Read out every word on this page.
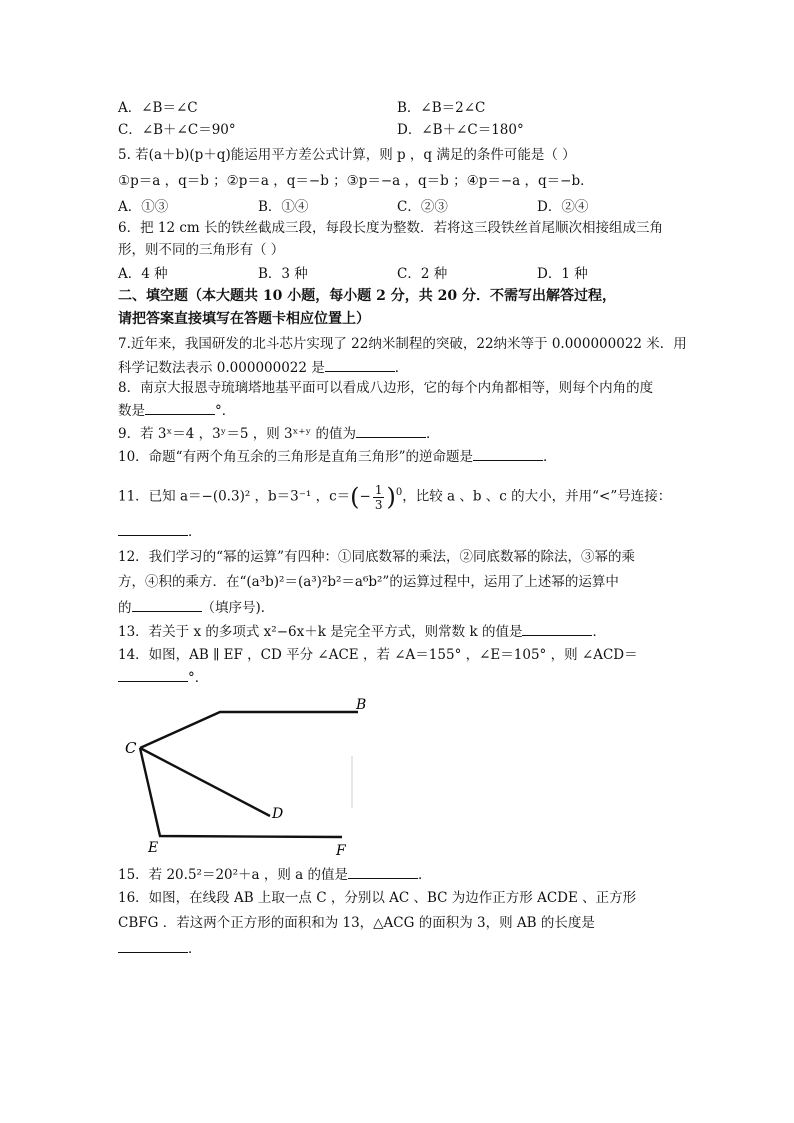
A．∠B＝∠C	B．∠B＝2∠C
C．∠B＋∠C＝90°	D．∠B＋∠C＝180°
5. 若(a＋b)(p＋q)能运用平方差公式计算，则 p ，q 满足的条件可能是（ ）
①p＝a ，q＝b ；②p＝a ，q＝−b ；③p＝−a ，q＝b ；④p＝−a ，q＝−b．
A．①③	B．①④	C．②③	D．②④
6．把 12 cm 长的铁丝截成三段，每段长度为整数．若将这三段铁丝首尾顺次相接组成三角
形，则不同的三角形有（ ）
A．4 种	B．3 种	C．2 种	D．1 种
二、填空题（本大题共 10 小题，每小题 2 分，共 20 分．不需写出解答过程，
请把答案直接填写在答题卡相应位置上）
7.近年来，我国研发的北斗芯片实现了 22纳米制程的突破，22纳米等于 0.000000022 米．用
科学记数法表示 0.000000022 是	．
8．南京大报恩寺琉璃塔地基平面可以看成八边形，它的每个内角都相等，则每个内角的度
数是	°．
9．若 3ˣ＝4 ，3ʸ＝5 ，则 3ˣ⁺ʸ 的值为	．
10．命题“有两个角互余的三角形是直角三角形”的逆命题是	．
11．已知 a＝−(0.3)² ，b＝3⁻¹ ，$c=(- \frac{1}{3} )^0$，比较 a 、b 、c 的大小，并用“<”号连接：
．
12．我们学习的“幂的运算”有四种：①同底数幂的乘法，②同底数幂的除法，③幂的乘
方，④积的乘方．在“(a³b)²＝(a³)²b²＝a⁶b²”的运算过程中，运用了上述幂的运算中
的	（填序号)．
13．若关于 x 的多项式 x²−6x＋k 是完全平方式，则常数 k 的值是	．
14．如图，AB ∥ EF ，CD 平分 ∠ACE ，若 ∠A＝155° ，∠E＝105° ，则 ∠ACD＝
°．
B
C
D
E	F
15．若 20.5²＝20²＋a ，则 a 的值是	．
16．如图，在线段 AB 上取一点 C ，分别以 AC 、BC 为边作正方形 ACDE 、正方形
CBFG ．若这两个正方形的面积和为 13，△ACG 的面积为 3，则 AB 的长度是
．
